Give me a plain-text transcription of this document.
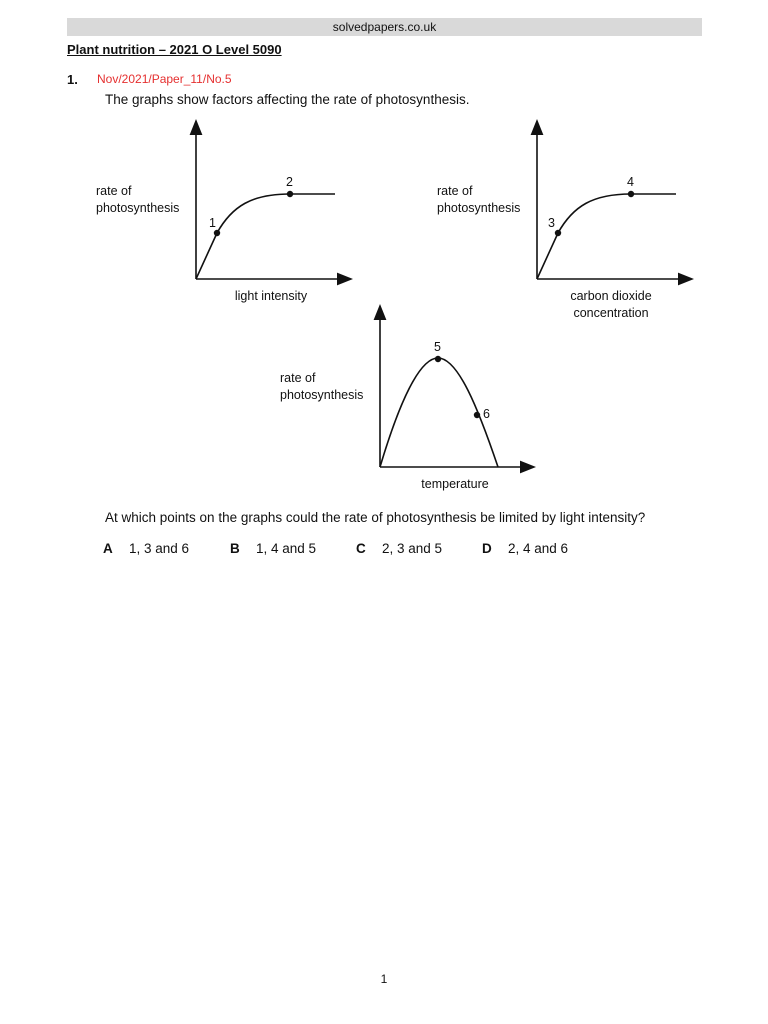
solvedpapers.co.uk
Plant nutrition – 2021 O Level 5090
1. Nov/2021/Paper_11/No.5
The graphs show factors affecting the rate of photosynthesis.
rate of
photosynthesis
light intensity
1
2
rate of
photosynthesis
carbon dioxide
concentration
3
4
rate of
photosynthesis
temperature
5
6
At which points on the graphs could the rate of photosynthesis be limited by light intensity?
A 1, 3 and 6	B 1, 4 and 5	C 2, 3 and 5	D 2, 4 and 6
1
